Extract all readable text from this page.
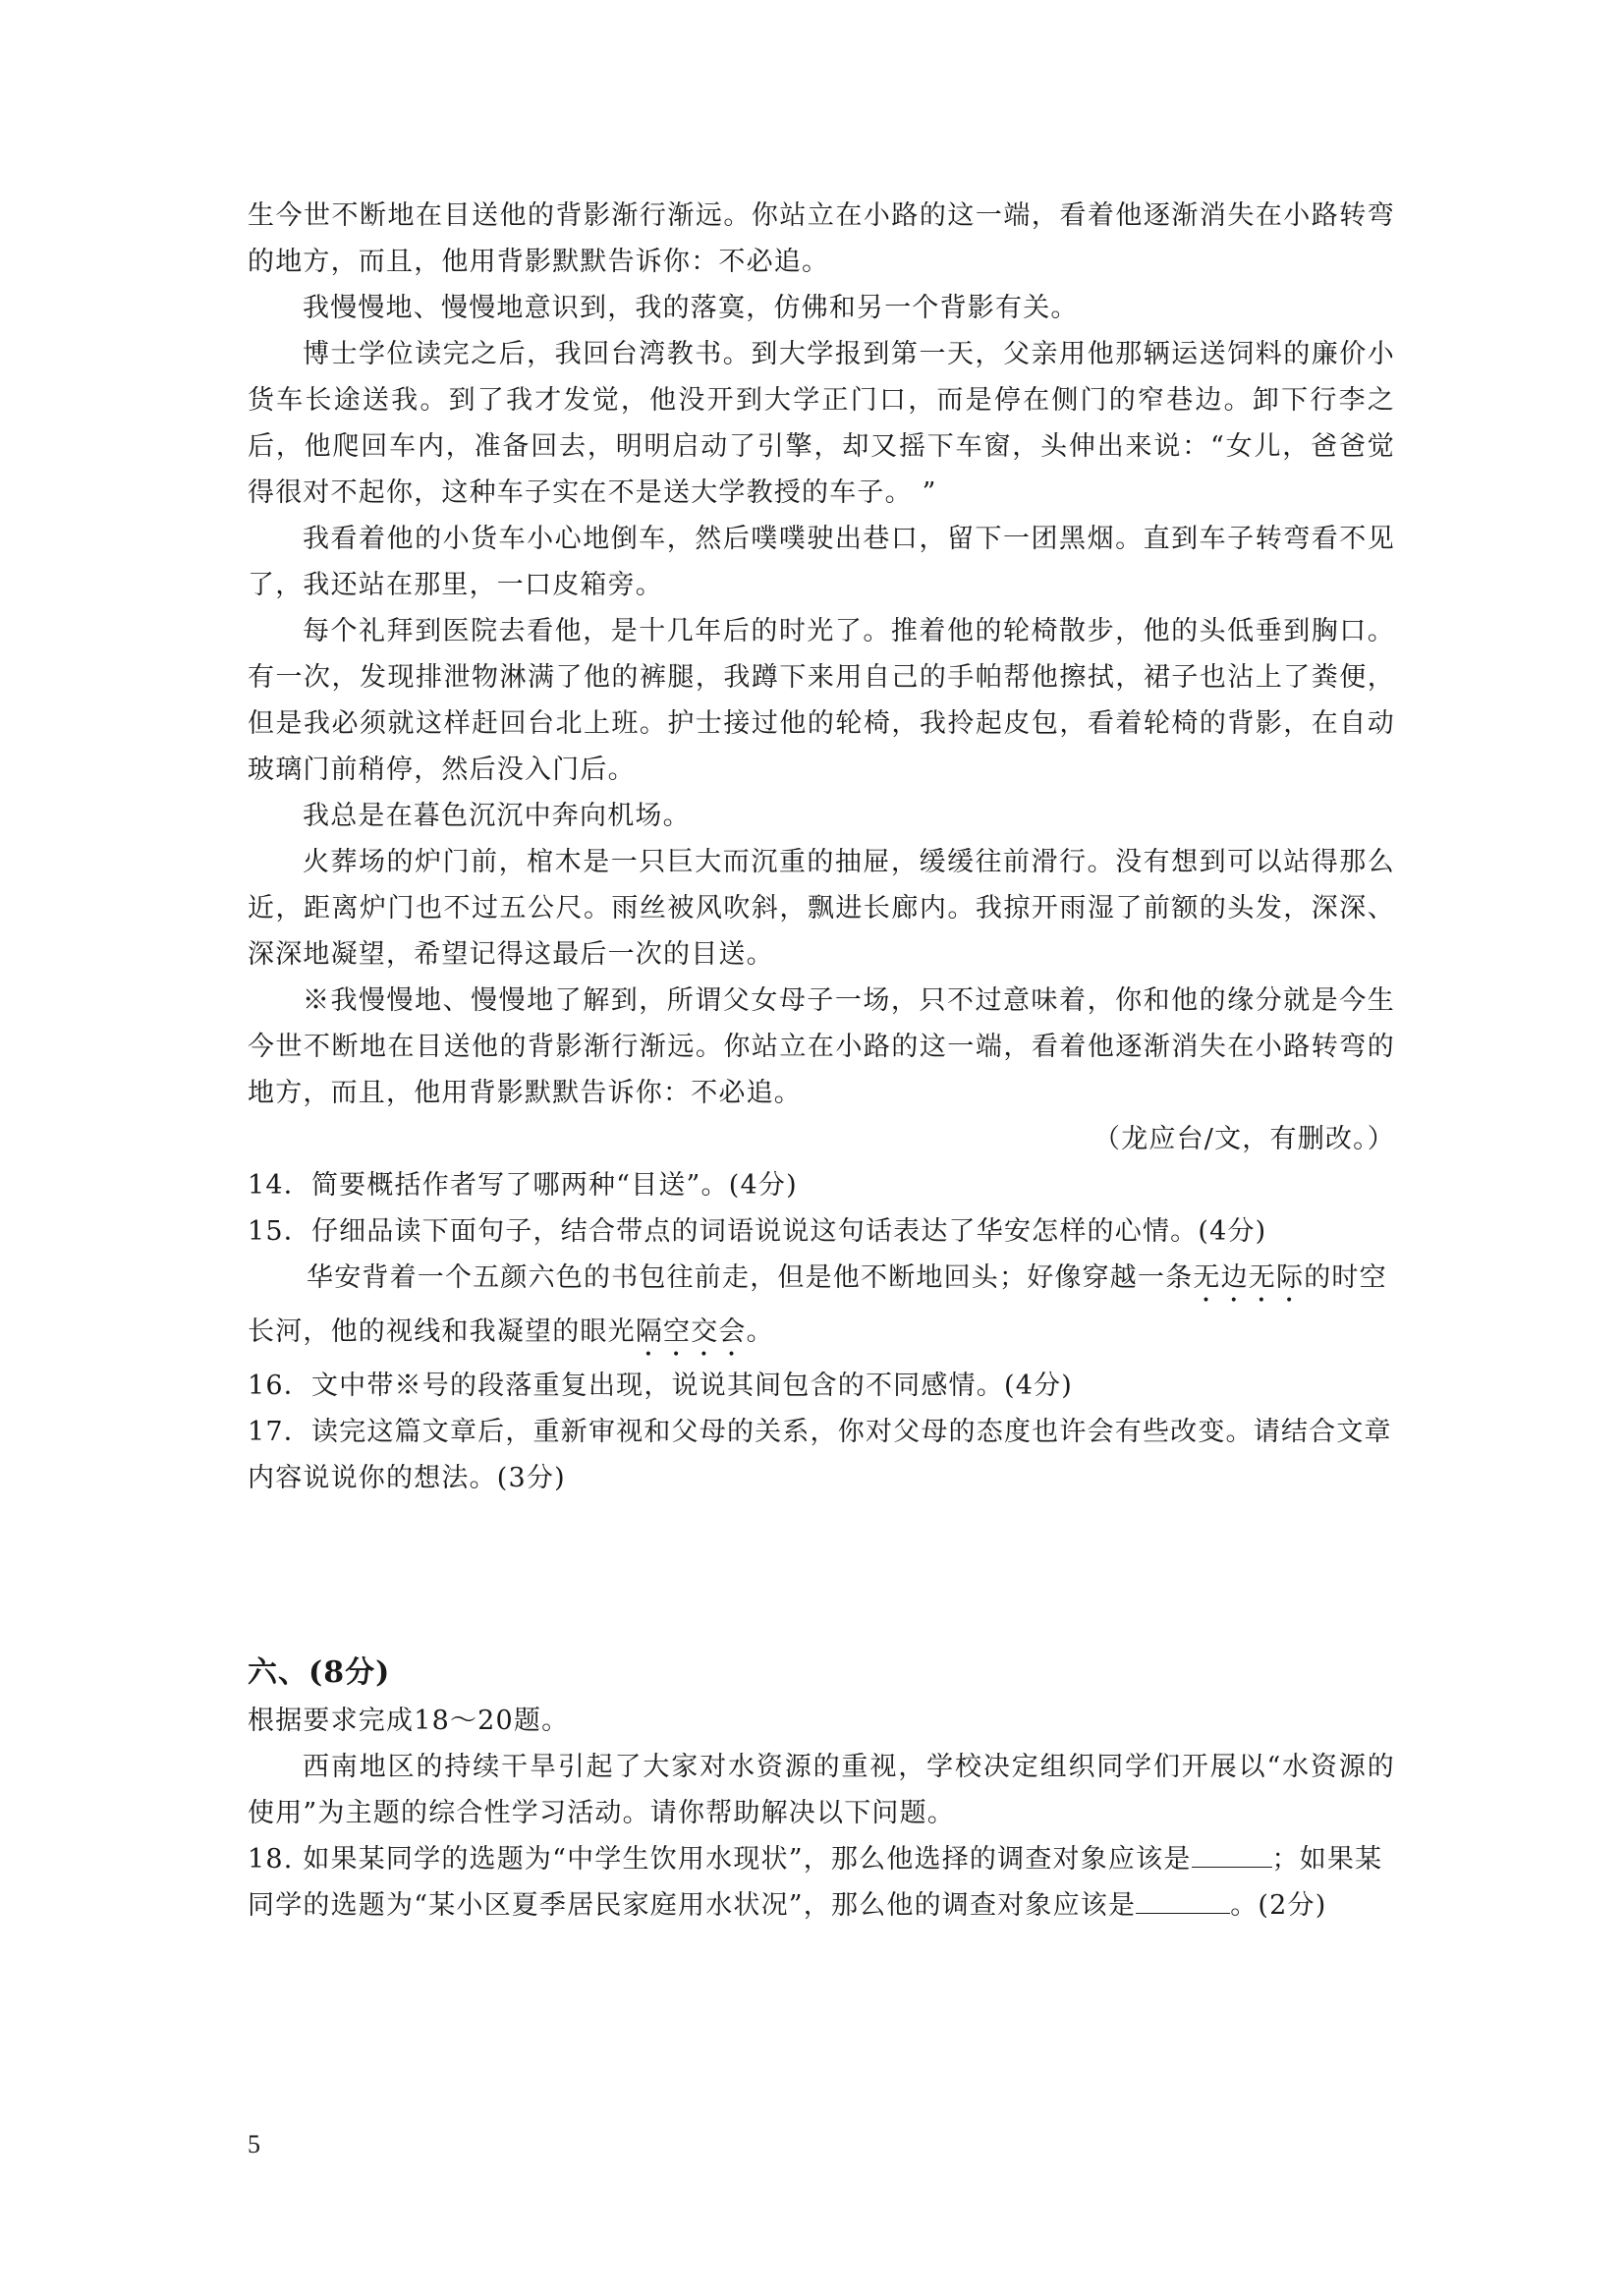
生今世不断地在目送他的背影渐行渐远。你站立在小路的这一端，看着他逐渐消失在小路转弯的地方，而且，他用背影默默告诉你：不必追。

我慢慢地、慢慢地意识到，我的落寞，仿佛和另一个背影有关。

博士学位读完之后，我回台湾教书。到大学报到第一天，父亲用他那辆运送饲料的廉价小货车长途送我。到了我才发觉，他没开到大学正门口，而是停在侧门的窄巷边。卸下行李之后，他爬回车内，准备回去，明明启动了引擎，却又摇下车窗，头伸出来说：“女儿，爸爸觉得很对不起你，这种车子实在不是送大学教授的车子。 ”

我看着他的小货车小心地倒车，然后噗噗驶出巷口，留下一团黑烟。直到车子转弯看不见了，我还站在那里，一口皮箱旁。

每个礼拜到医院去看他，是十几年后的时光了。推着他的轮椅散步，他的头低垂到胸口。有一次，发现排泄物淋满了他的裤腿，我蹲下来用自己的手帕帮他擦拭，裙子也沾上了粪便，但是我必须就这样赶回台北上班。护士接过他的轮椅，我拎起皮包，看着轮椅的背影，在自动玻璃门前稍停，然后没入门后。

我总是在暮色沉沉中奔向机场。

火葬场的炉门前，棺木是一只巨大而沉重的抽屉，缓缓往前滑行。没有想到可以站得那么近，距离炉门也不过五公尺。雨丝被风吹斜，飘进长廊内。我掠开雨湿了前额的头发，深深、深深地凝望，希望记得这最后一次的目送。

※我慢慢地、慢慢地了解到，所谓父女母子一场，只不过意味着，你和他的缘分就是今生今世不断地在目送他的背影渐行渐远。你站立在小路的这一端，看着他逐渐消失在小路转弯的地方，而且，他用背影默默告诉你：不必追。

（龙应台/文，有删改。）

14．简要概括作者写了哪两种“目送”。(4分)

15．仔细品读下面句子，结合带点的词语说说这句话表达了华安怎样的心情。(4分)

华安背着一个五颜六色的书包往前走，但是他不断地回头；好像穿越一条无边无际的时空长河，他的视线和我凝望的眼光隔空交会。

16．文中带※号的段落重复出现，说说其间包含的不同感情。(4分)

17．读完这篇文章后，重新审视和父母的关系，你对父母的态度也许会有些改变。请结合文章内容说说你的想法。(3分)

六、(8分)

根据要求完成18～20题。

西南地区的持续干旱引起了大家对水资源的重视，学校决定组织同学们开展以“水资源的使用”为主题的综合性学习活动。请你帮助解决以下问题。

18. 如果某同学的选题为“中学生饮用水现状”，那么他选择的调查对象应该是	；如果某同学的选题为“某小区夏季居民家庭用水状况”，那么他的调查对象应该是	。(2分)

5
